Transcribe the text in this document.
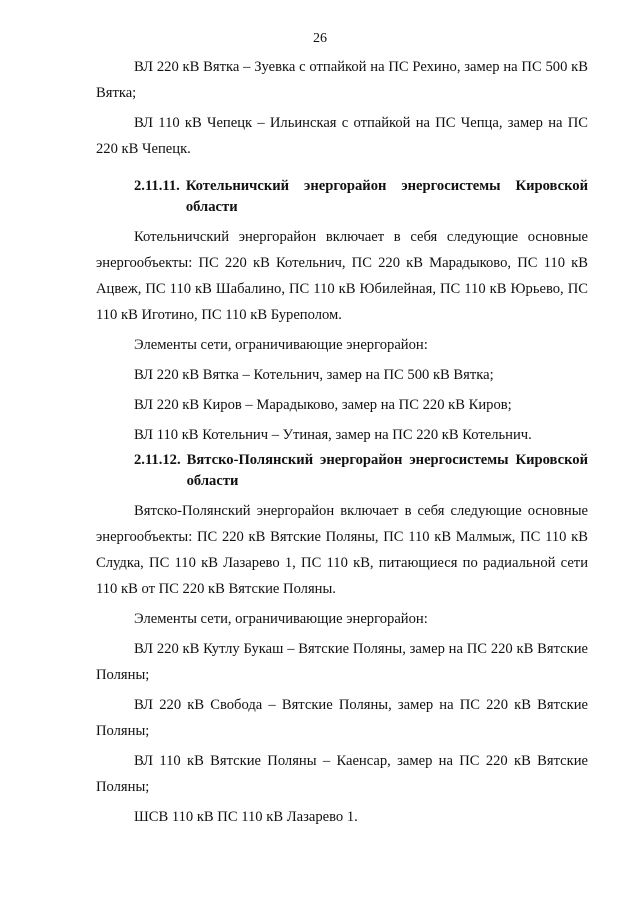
26

ВЛ 220 кВ Вятка – Зуевка с отпайкой на ПС Рехино, замер на ПС 500 кВ Вятка;

ВЛ 110 кВ Чепецк – Ильинская с отпайкой на ПС Чепца, замер на ПС 220 кВ Чепецк.

2.11.11. Котельничский энергорайон энергосистемы Кировской области

Котельничский энергорайон включает в себя следующие основные энергообъекты: ПС 220 кВ Котельнич, ПС 220 кВ Марадыково, ПС 110 кВ Ацвеж, ПС 110 кВ Шабалино, ПС 110 кВ Юбилейная, ПС 110 кВ Юрьево, ПС 110 кВ Иготино, ПС 110 кВ Бурeполом.

Элементы сети, ограничивающие энергорайон:

ВЛ 220 кВ Вятка – Котельнич, замер на ПС 500 кВ Вятка;

ВЛ 220 кВ Киров – Марадыково, замер на ПС 220 кВ Киров;

ВЛ 110 кВ Котельнич – Утиная, замер на ПС 220 кВ Котельнич.

2.11.12. Вятско-Полянский энергорайон энергосистемы Кировской области

Вятско-Полянский энергорайон включает в себя следующие основные энергообъекты: ПС 220 кВ Вятские Поляны, ПС 110 кВ Малмыж, ПС 110 кВ Слудка, ПС 110 кВ Лазарево 1, ПС 110 кВ, питающиеся по радиальной сети 110 кВ от ПС 220 кВ Вятские Поляны.

Элементы сети, ограничивающие энергорайон:

ВЛ 220 кВ Кутлу Букаш – Вятские Поляны, замер на ПС 220 кВ Вятские Поляны;

ВЛ 220 кВ Свобода – Вятские Поляны, замер на ПС 220 кВ Вятские Поляны;

ВЛ 110 кВ Вятские Поляны – Каенсар, замер на ПС 220 кВ Вятские Поляны;

ШСВ 110 кВ ПС 110 кВ Лазарево 1.
